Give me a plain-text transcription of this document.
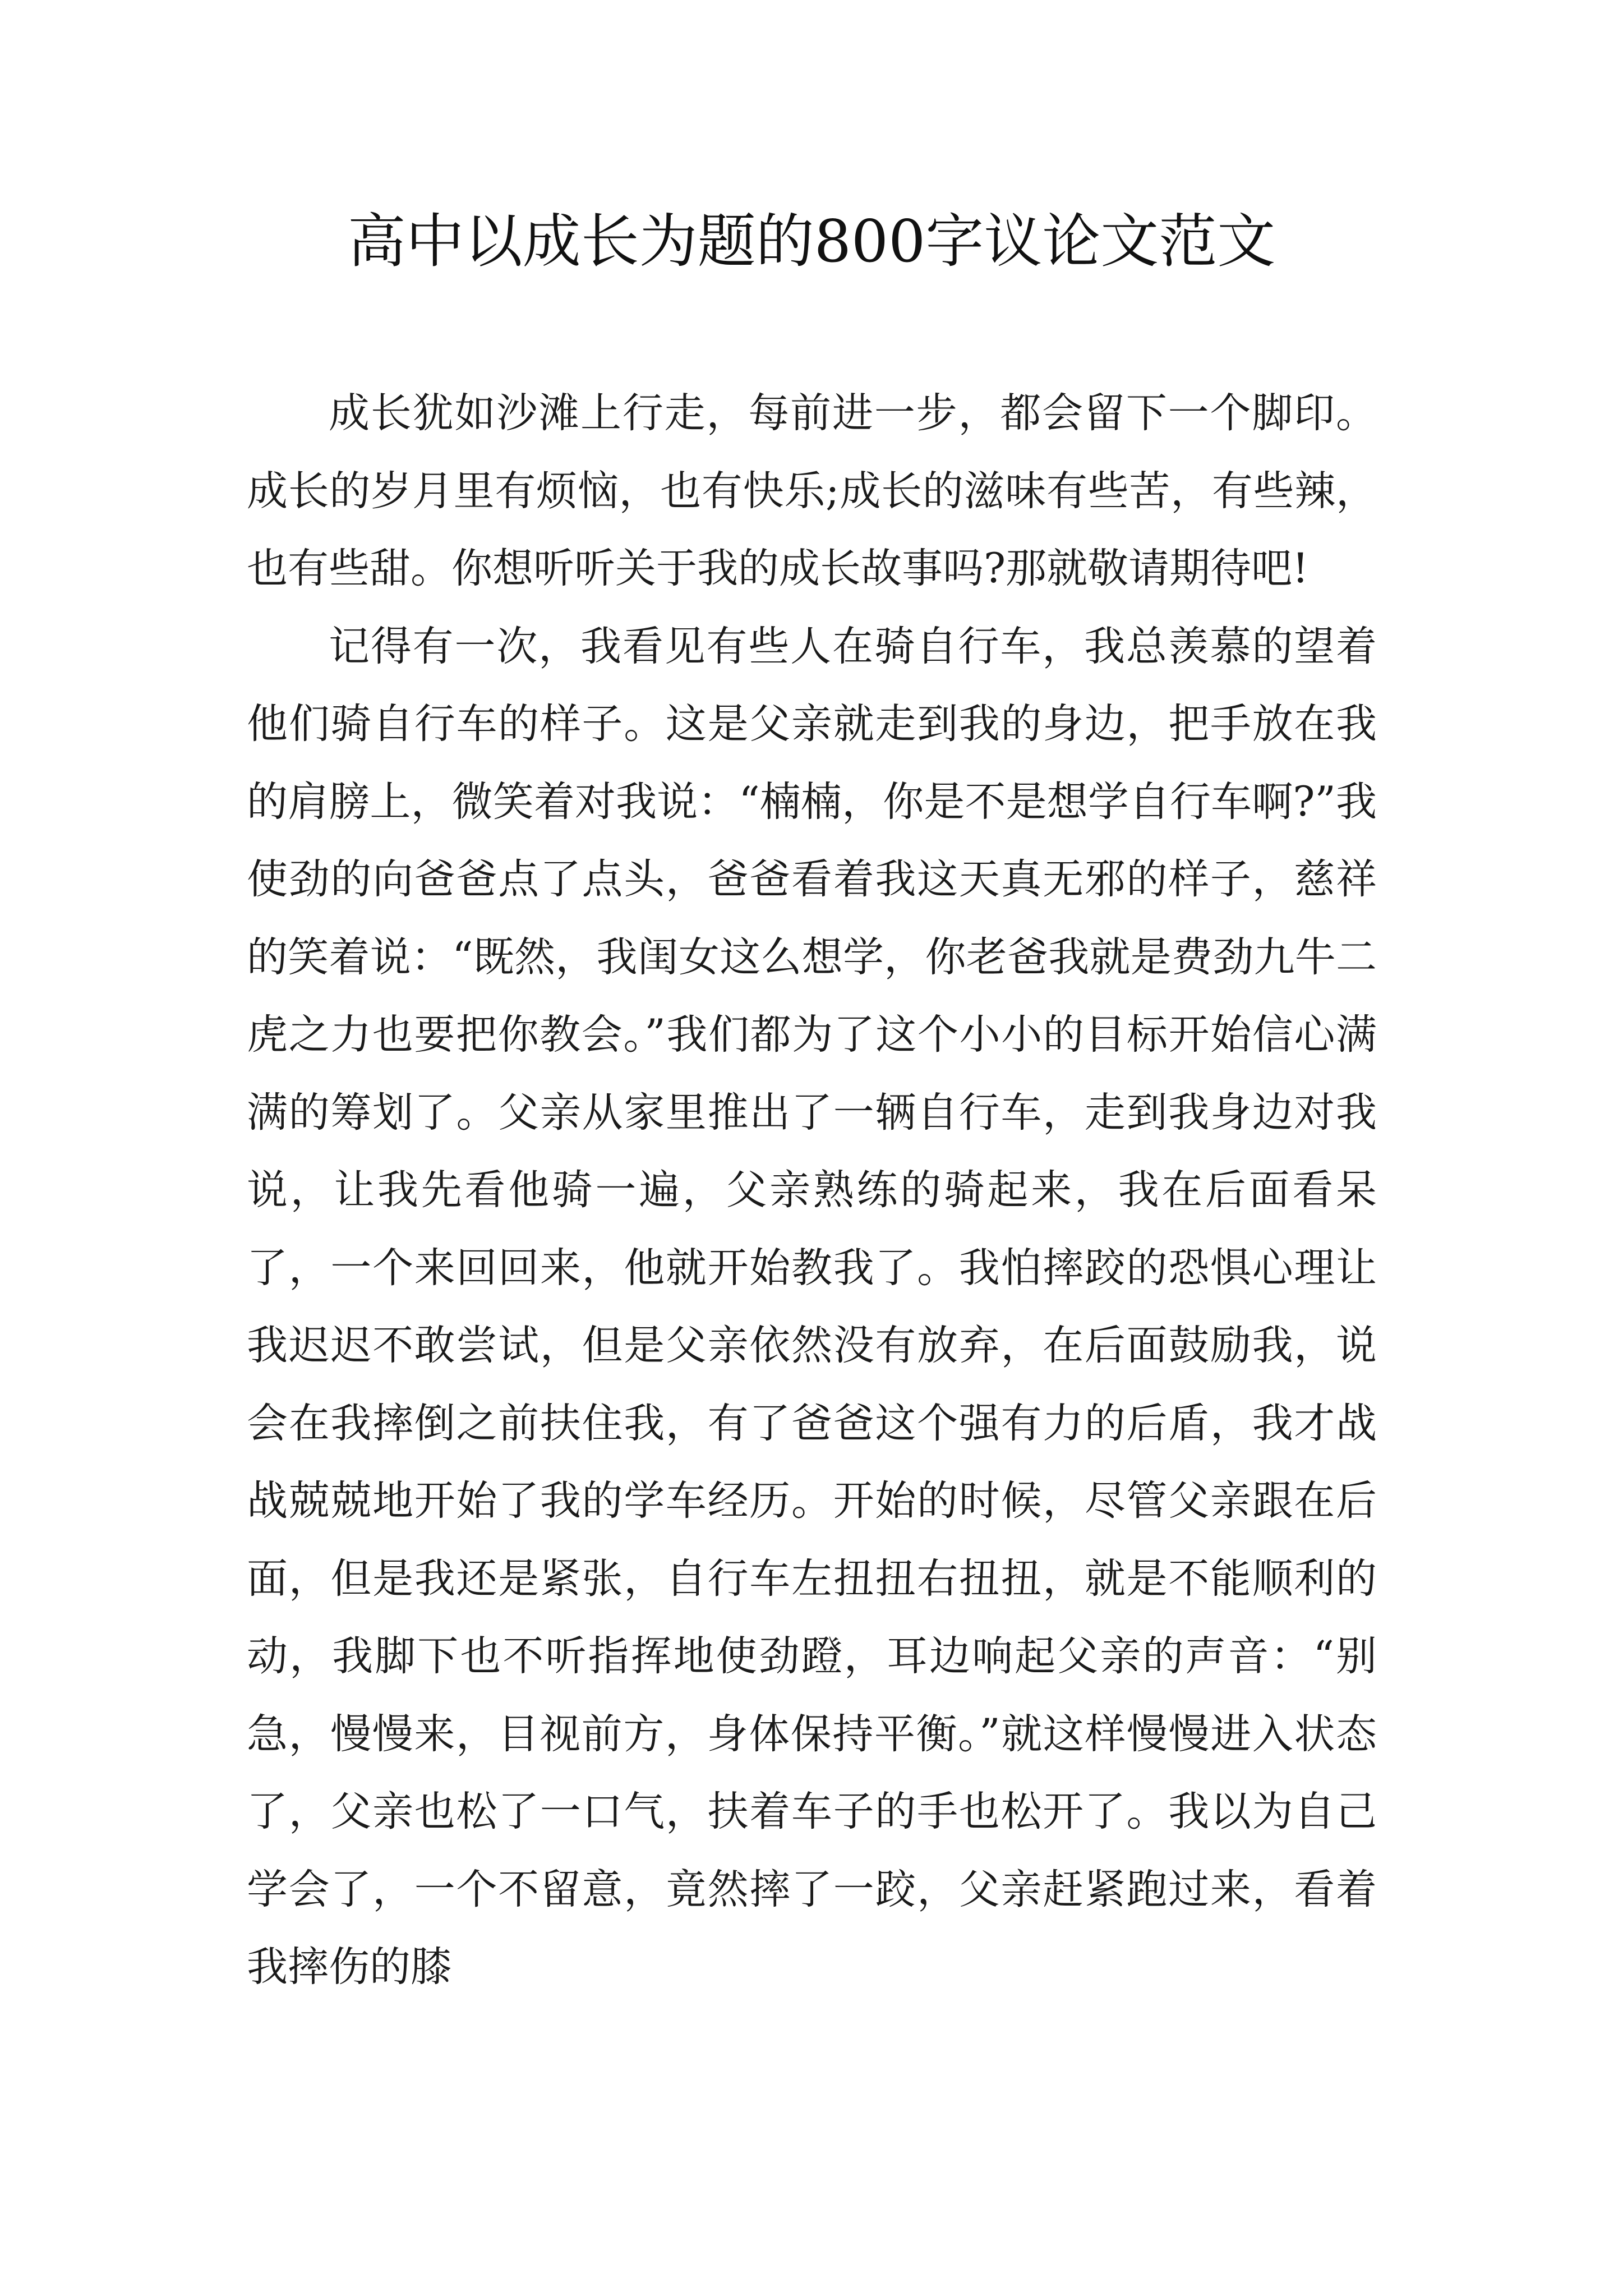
高中以成长为题的800字议论文范文

成长犹如沙滩上行走，每前进一步，都会留下一个脚印。成长的岁月里有烦恼，也有快乐;成长的滋味有些苦，有些辣，也有些甜。你想听听关于我的成长故事吗?那就敬请期待吧!

记得有一次，我看见有些人在骑自行车，我总羡慕的望着他们骑自行车的样子。这是父亲就走到我的身边，把手放在我的肩膀上，微笑着对我说：“楠楠，你是不是想学自行车啊?”我使劲的向爸爸点了点头，爸爸看着我这天真无邪的样子，慈祥的笑着说：“既然，我闺女这么想学，你老爸我就是费劲九牛二虎之力也要把你教会。”我们都为了这个小小的目标开始信心满满的筹划了。父亲从家里推出了一辆自行车，走到我身边对我说，让我先看他骑一遍，父亲熟练的骑起来，我在后面看呆了，一个来回回来，他就开始教我了。我怕摔跤的恐惧心理让我迟迟不敢尝试，但是父亲依然没有放弃，在后面鼓励我，说会在我摔倒之前扶住我，有了爸爸这个强有力的后盾，我才战战兢兢地开始了我的学车经历。开始的时候，尽管父亲跟在后面，但是我还是紧张，自行车左扭扭右扭扭，就是不能顺利的动，我脚下也不听指挥地使劲蹬，耳边响起父亲的声音：“别急，慢慢来，目视前方，身体保持平衡。”就这样慢慢进入状态了，父亲也松了一口气，扶着车子的手也松开了。我以为自己学会了，一个不留意，竟然摔了一跤，父亲赶紧跑过来，看着我摔伤的膝
